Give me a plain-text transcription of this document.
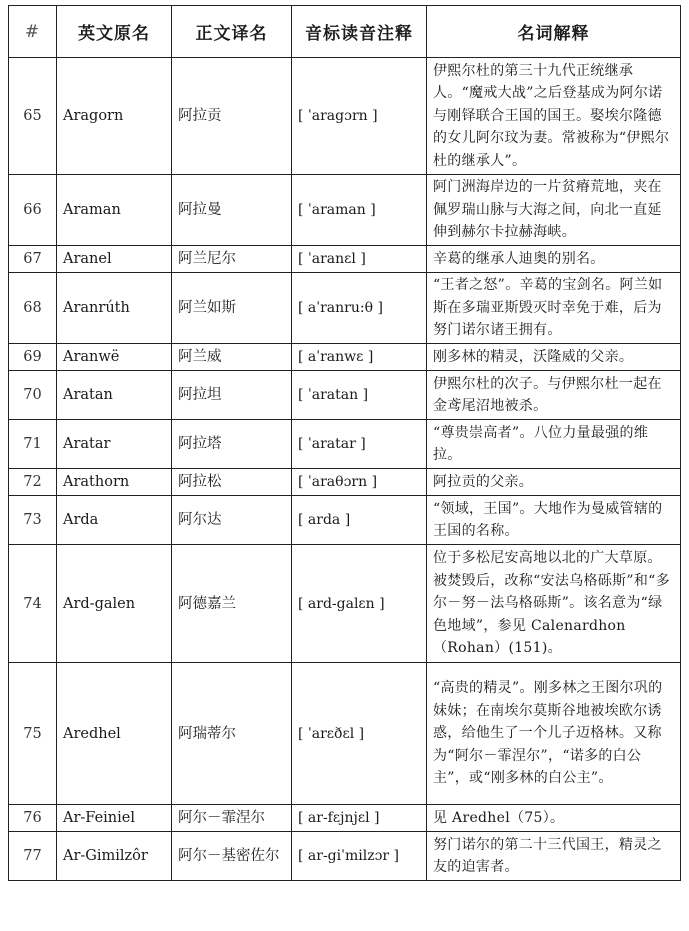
#	英文原名	正文译名	音标读音注释	名词解释
65	Aragorn	阿拉贡	[ ˈaragɔrn ]	伊熙尔杜的第三十九代正统继承人。“魔戒大战”之后登基成为阿尔诺与刚铎联合王国的国王。娶埃尔隆德的女儿阿尔玟为妻。常被称为“伊熙尔杜的继承人”。
66	Araman	阿拉曼	[ ˈaraman ]	阿门洲海岸边的一片贫瘠荒地，夹在佩罗瑞山脉与大海之间，向北一直延伸到赫尔卡拉赫海峡。
67	Aranel	阿兰尼尔	[ ˈaranɛl ]	辛葛的继承人迪奥的别名。
68	Aranrúth	阿兰如斯	[ aˈranru:θ ]	“王者之怒”。辛葛的宝剑名。阿兰如斯在多瑞亚斯毁灭时幸免于难，后为努门诺尔诸王拥有。
69	Aranwë	阿兰威	[ aˈranwɛ ]	刚多林的精灵，沃隆威的父亲。
70	Aratan	阿拉坦	[ ˈaratan ]	伊熙尔杜的次子。与伊熙尔杜一起在金鸢尾沼地被杀。
71	Aratar	阿拉塔	[ ˈaratar ]	“尊贵崇高者”。八位力量最强的维拉。
72	Arathorn	阿拉松	[ ˈaraθɔrn ]	阿拉贡的父亲。
73	Arda	阿尔达	[ arda ]	“领域，王国”。大地作为曼威管辖的王国的名称。
74	Ard-galen	阿德嘉兰	[ ard-galɛn ]	位于多松尼安高地以北的广大草原。被焚毁后，改称“安法乌格砾斯”和“多尔－努－法乌格砾斯”。该名意为“绿色地域”，参见 Calenardhon（Rohan）(151)。
75	Aredhel	阿瑞蒂尔	[ ˈarɛðɛl ]	“高贵的精灵”。刚多林之王图尔巩的妹妹；在南埃尔莫斯谷地被埃欧尔诱惑，给他生了一个儿子迈格林。又称为“阿尔－霏涅尔”，“诺多的白公主”，或“刚多林的白公主”。
76	Ar-Feiniel	阿尔－霏涅尔	[ ar-fɛjnjɛl ]	见 Aredhel（75）。
77	Ar-Gimilzôr	阿尔－基密佐尔	[ ar-giˈmilzɔr ]	努门诺尔的第二十三代国王，精灵之友的迫害者。
